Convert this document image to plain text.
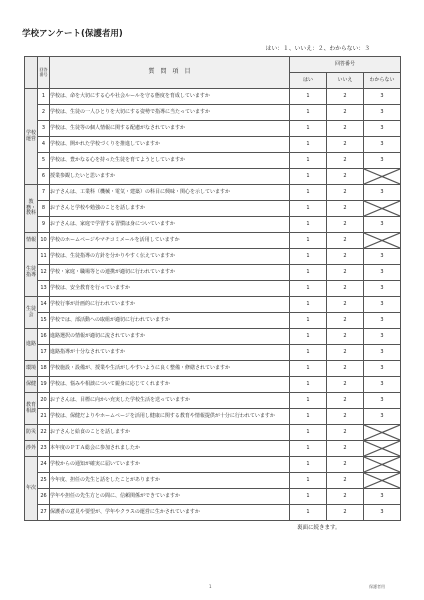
学校アンケート(保護者用)
はい：１、いいえ：２、わからない：３
	回答番号	質　問　項　目	回答番号		
			はい	いいえ	わからない
学校運営	1	学校は、命を大切にする心や社会ルールを守る態度を育成していますか	1	2	3
	2	学校は、生徒の一人ひとりを大切にする姿勢で指導に当たっていますか	1	2	3
	3	学校は、生徒等の個人情報に関する配慮がなされていますか	1	2	3
	4	学校は、開かれた学校づくりを推進していますか	1	2	3
	5	学校は、豊かなる心を持った生徒を育てようとしていますか	1	2	3
	6	授業参観したいと思いますか	1	2	

教務・教科	7	お子さんは、工業科（機械・電気・建築）の科目に興味・関心を示していますか	1	2	3
	8	お子さんと学校や勉強のことを話しますか	1	2	

	9	お子さんは、家庭で学習する習慣は身についていますか	1	2	3
情報	10	学校のホームページやマチコミメールを活用していますか	1	2	

生徒指導	11	学校は、生徒指導の方針を分かりやすく伝えていますか	1	2	3
	12	学校・家庭・職場等との連携が適切に行われていますか	1	2	3
	13	学校は、安全教育を行っていますか	1	2	3
生徒会	14	学校行事が計画的に行われていますか	1	2	3
	15	学校では、部活動への取組が適切に行われていますか	1	2	3
進路	16	進路選択の情報が適切に流されていますか	1	2	3
	17	進路指導が十分なされていますか	1	2	3
環境	18	学校施設・設備が、授業や生活がしやすいように良く整備・修繕されていますか	1	2	3
保健	19	学校は、悩みや相談について親身に応じてくれますか	1	2	3
教育相談	20	お子さんは、目標に向かい充実した学校生活を送っていますか	1	2	3
	21	学校は、保健だよりやホームページを活用し健康に関する教育や情報提供が十分に行われていますか	1	2	3
防災	22	お子さんと給食のことを話しますか	1	2	

渉外	23	本年度のＰＴＡ総会に参加されましたか	1	2	

年次	24	学校からの通知が確実に届いていますか	1	2	

	25	今年度、担任の先生と話をしたことがありますか	1	2	

	26	学年や担任の先生方との間に、信頼関係ができていますか	1	2	3
	27	保護者の意見や要望が、学年やクラスの運営に生かされていますか	1	2	3
裏面に続きます。
1	保護者用
